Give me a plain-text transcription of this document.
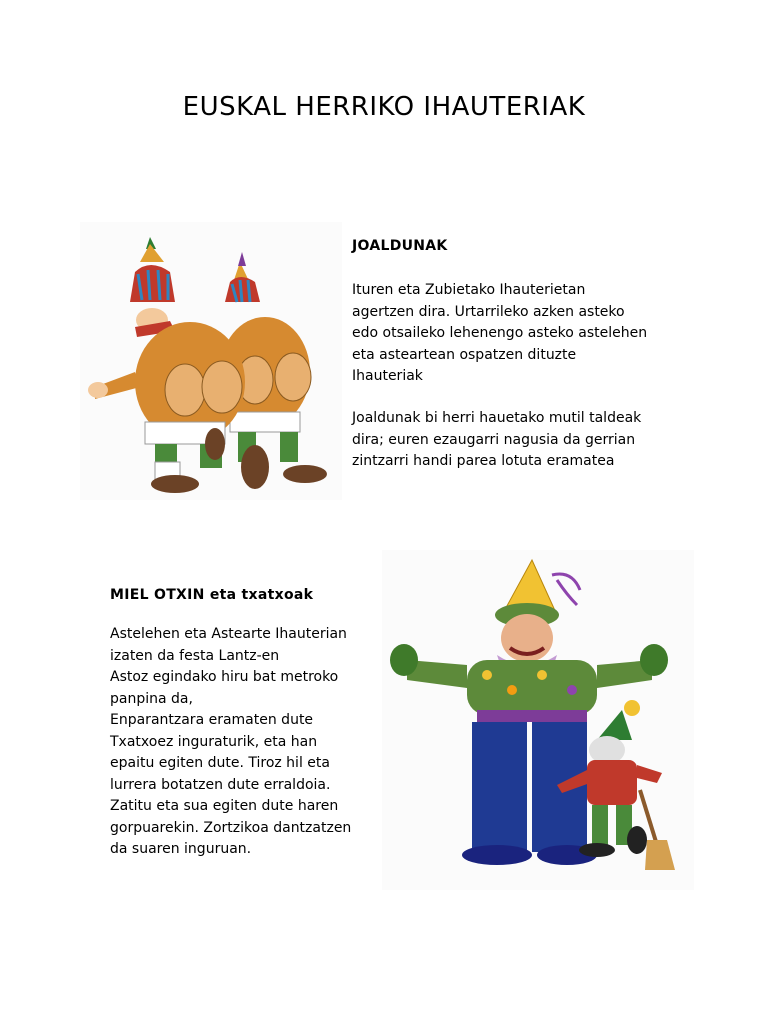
EUSKAL HERRIKO IHAUTERIAK
JOALDUNAK
Ituren eta Zubietako Ihauterietan
agertzen dira. Urtarrileko azken asteko
edo otsaileko lehenengo asteko astelehen
eta asteartean ospatzen dituzte
Ihauteriak
Joaldunak bi herri hauetako mutil taldeak
dira; euren ezaugarri nagusia da gerrian
zintzarri handi parea lotuta eramatea
MIEL OTXIN eta txatxoak
Astelehen eta Astearte Ihauterian
izaten da festa Lantz-en
Astoz egindako hiru bat metroko
panpina da,
Enparantzara eramaten dute
Txatxoez inguraturik, eta han
epaitu egiten dute. Tiroz hil eta
lurrera botatzen dute erraldoia.
Zatitu eta sua egiten dute haren
gorpuarekin. Zortzikoa dantzatzen
da suaren inguruan.
